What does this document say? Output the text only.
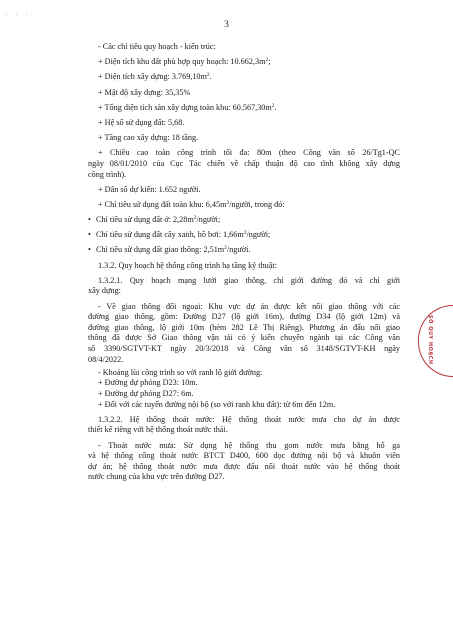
· · ·
3
- Các chỉ tiêu quy hoạch - kiến trúc:
+ Diện tích khu đất phù hợp quy hoạch: $10.662,3m^2$;
+ Diện tích xây dựng: $3.769,10m^2$.
+ Mật độ xây dựng: 35,35%
+ Tổng diện tích sàn xây dựng toàn khu: $60.567,30m^2$.
+ Hệ số sử dụng đất: 5,68.
+ Tầng cao xây dựng: 18 tầng.
+ Chiều cao toàn công trình tối đa: 80m (theo Công văn số 26/Tg1-QC
ngày 08/01/2010 của Cục Tác chiến về chấp thuận độ cao tĩnh không xây dựng
công trình).
+ Dân số dự kiến: 1.652 người.
+ Chỉ tiêu sử dụng đất toàn khu: $6,45m^2$/người, trong đó:
• Chỉ tiêu sử dụng đất ở: $2,28m^2$/người;
• Chỉ tiêu sử dụng đất cây xanh, hồ bơi: $1,66m^2$/người;
• Chỉ tiêu sử dụng đất giao thông: $2,51m^2$/người.
1.3.2. Quy hoạch hệ thống công trình hạ tầng kỹ thuật:
1.3.2.1. Quy hoạch mạng lưới giao thông, chỉ giới đường đỏ và chỉ giới
xây dựng:
- Về giao thông đối ngoại: Khu vực dự án được kết nối giao thông với các
đường giao thông, gồm: Đường D27 (lộ giới 16m), đường D34 (lộ giới 12m) và
đường giao thông, lộ giới 10m (hẻm 282 Lê Thị Riêng). Phương án đấu nối giao
thông đã được Sở Giao thông vận tải có ý kiến chuyên ngành tại các Công văn
số 3390/SGTVT-KT ngày 20/3/2018 và Công văn số 3148/SGTVT-KH ngày
08/4/2022.
- Khoảng lùi công trình so với ranh lộ giới đường:
+ Đường dự phóng D23: 10m.
+ Đường dự phóng D27: 6m.
+ Đối với các tuyến đường nội bộ (so với ranh khu đất): từ 6m đến 12m.
1.3.2.2. Hệ thống thoát nước: Hệ thống thoát nước mưa cho dự án được
thiết kế riêng với hệ thống thoát nước thải.
- Thoát nước mưa: Sử dụng hệ thống thu gom nước mưa bằng hố ga
và hệ thống cống thoát nước BTCT D400, 600 dọc đường nội bộ và khuôn viên
dự án; hệ thống thoát nước mưa được đấu nối thoát nước vào hệ thống thoát
nước chung của khu vực trên đường D27.
SỞ QUY HOẠCH
